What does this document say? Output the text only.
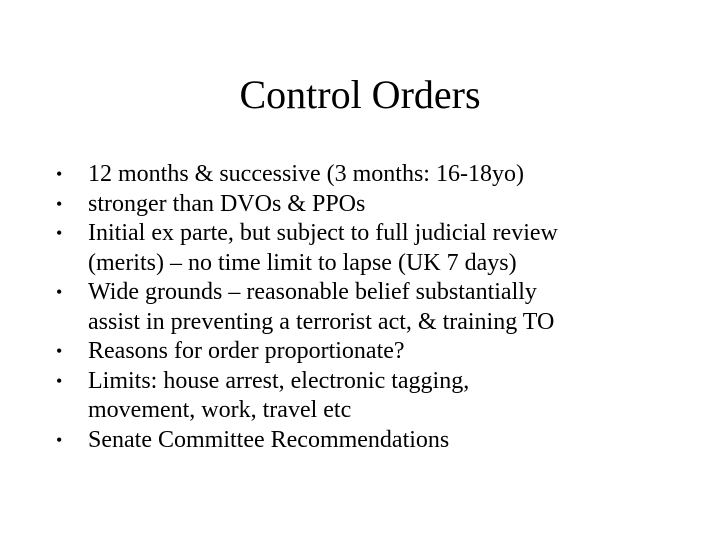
Control Orders
•	12 months & successive (3 months: 16-18yo)
•	stronger than DVOs & PPOs
•	Initial ex parte, but subject to full judicial review
(merits) – no time limit to lapse (UK 7 days)
•	Wide grounds – reasonable belief substantially
assist in preventing a terrorist act, & training TO
•	Reasons for order proportionate?
•	Limits: house arrest, electronic tagging,
movement, work, travel etc
•	Senate Committee Recommendations
